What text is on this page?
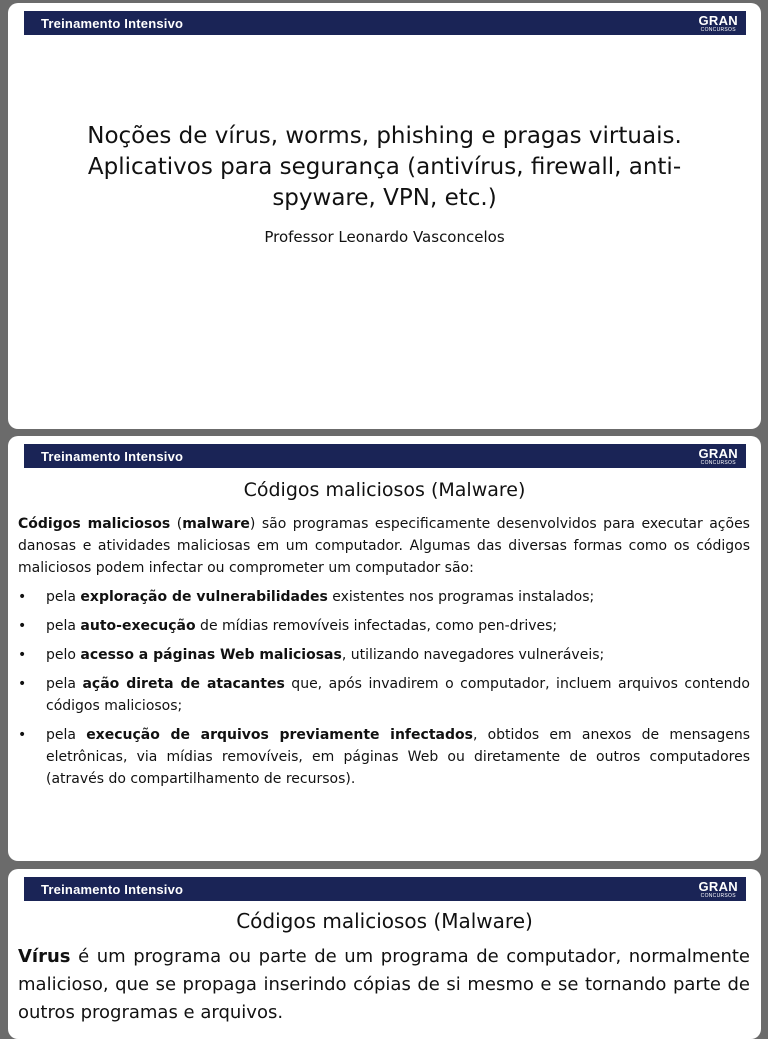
Treinamento Intensivo	GRAN
CONCURSOS
Noções de vírus, worms, phishing e pragas virtuais. Aplicativos para segurança (antivírus, firewall, anti-spyware, VPN, etc.)
Professor Leonardo Vasconcelos
Treinamento Intensivo	GRAN
CONCURSOS
Códigos maliciosos (Malware)
Códigos maliciosos (malware) são programas especificamente desenvolvidos para executar ações danosas e atividades maliciosas em um computador. Algumas das diversas formas como os códigos maliciosos podem infectar ou comprometer um computador são:
• pela exploração de vulnerabilidades existentes nos programas instalados;
• pela auto-execução de mídias removíveis infectadas, como pen-drives;
• pelo acesso a páginas Web maliciosas, utilizando navegadores vulneráveis;
• pela ação direta de atacantes que, após invadirem o computador, incluem arquivos contendo códigos maliciosos;
• pela execução de arquivos previamente infectados, obtidos em anexos de mensagens eletrônicas, via mídias removíveis, em páginas Web ou diretamente de outros computadores (através do compartilhamento de recursos).
Treinamento Intensivo	GRAN
CONCURSOS
Códigos maliciosos (Malware)
Vírus é um programa ou parte de um programa de computador, normalmente malicioso, que se propaga inserindo cópias de si mesmo e se tornando parte de outros programas e arquivos.
